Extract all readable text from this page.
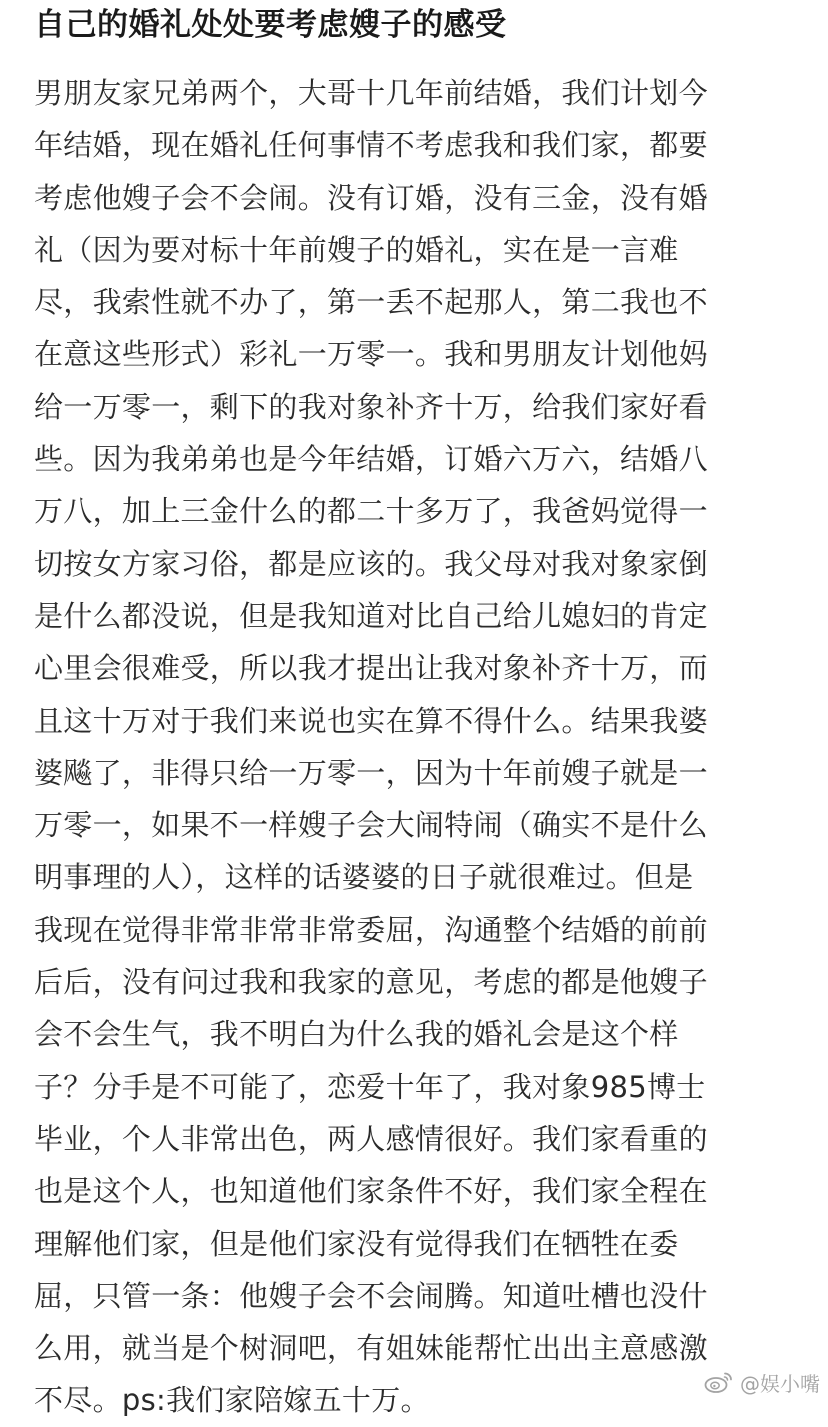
自己的婚礼处处要考虑嫂子的感受
男朋友家兄弟两个，大哥十几年前结婚，我们计划今
年结婚，现在婚礼任何事情不考虑我和我们家，都要
考虑他嫂子会不会闹。没有订婚，没有三金，没有婚
礼（因为要对标十年前嫂子的婚礼，实在是一言难
尽，我索性就不办了，第一丢不起那人，第二我也不
在意这些形式）彩礼一万零一。我和男朋友计划他妈
给一万零一，剩下的我对象补齐十万，给我们家好看
些。因为我弟弟也是今年结婚，订婚六万六，结婚八
万八，加上三金什么的都二十多万了，我爸妈觉得一
切按女方家习俗，都是应该的。我父母对我对象家倒
是什么都没说，但是我知道对比自己给儿媳妇的肯定
心里会很难受，所以我才提出让我对象补齐十万，而
且这十万对于我们来说也实在算不得什么。结果我婆
婆飚了，非得只给一万零一，因为十年前嫂子就是一
万零一，如果不一样嫂子会大闹特闹（确实不是什么
明事理的人），这样的话婆婆的日子就很难过。但是
我现在觉得非常非常非常委屈，沟通整个结婚的前前
后后，没有问过我和我家的意见，考虑的都是他嫂子
会不会生气，我不明白为什么我的婚礼会是这个样
子？分手是不可能了，恋爱十年了，我对象985博士
毕业，个人非常出色，两人感情很好。我们家看重的
也是这个人，也知道他们家条件不好，我们家全程在
理解他们家，但是他们家没有觉得我们在牺牲在委
屈，只管一条：他嫂子会不会闹腾。知道吐槽也没什
么用，就当是个树洞吧，有姐妹能帮忙出出主意感激
不尽。ps:我们家陪嫁五十万。	@娱小嘴
